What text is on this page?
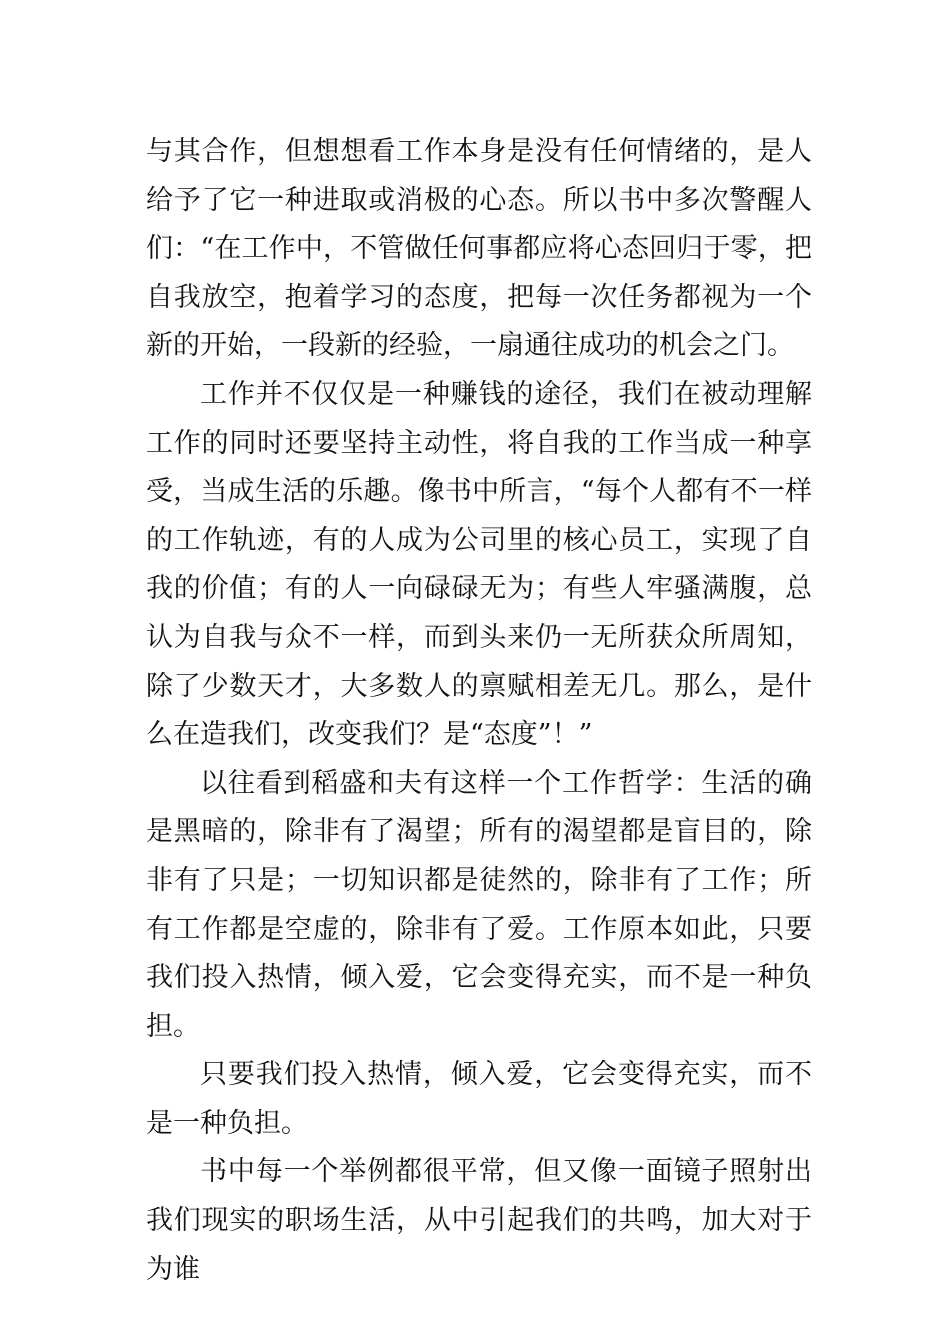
与其合作，但想想看工作本身是没有任何情绪的，是人给予了它一种进取或消极的心态。所以书中多次警醒人们：“在工作中，不管做任何事都应将心态回归于零，把自我放空，抱着学习的态度，把每一次任务都视为一个新的开始，一段新的经验，一扇通往成功的机会之门。

工作并不仅仅是一种赚钱的途径，我们在被动理解工作的同时还要坚持主动性，将自我的工作当成一种享受，当成生活的乐趣。像书中所言，“每个人都有不一样的工作轨迹，有的人成为公司里的核心员工，实现了自我的价值；有的人一向碌碌无为；有些人牢骚满腹，总认为自我与众不一样，而到头来仍一无所获众所周知，除了少数天才，大多数人的禀赋相差无几。那么，是什么在造我们，改变我们？是“态度”！”

以往看到稻盛和夫有这样一个工作哲学：生活的确是黑暗的，除非有了渴望；所有的渴望都是盲目的，除非有了只是；一切知识都是徒然的，除非有了工作；所有工作都是空虚的，除非有了爱。工作原本如此，只要我们投入热情，倾入爱，它会变得充实，而不是一种负担。

只要我们投入热情，倾入爱，它会变得充实，而不是一种负担。

书中每一个举例都很平常，但又像一面镜子照射出我们现实的职场生活，从中引起我们的共鸣，加大对于为谁
